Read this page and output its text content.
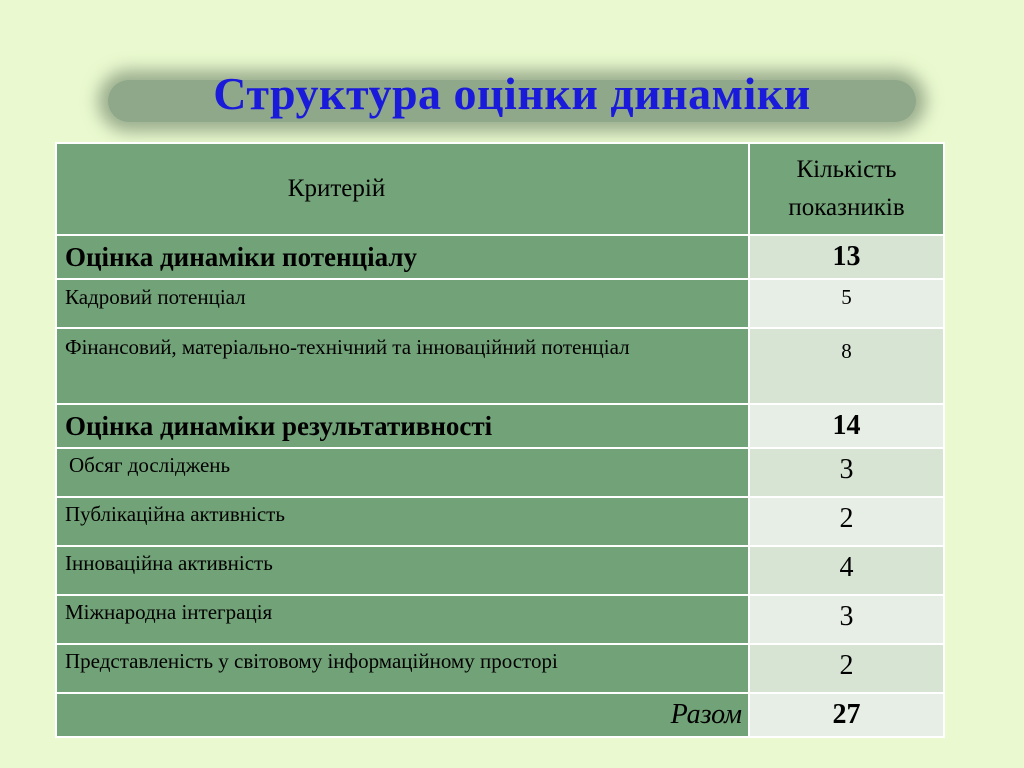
Структура оцінки динаміки
Критерій	Кількість показників
Оцінка динаміки потенціалу	13
Кадровий потенціал	5
Фінансовий, матеріально-технічний та інноваційний потенціал	8
Оцінка динаміки результативності	14
Обсяг досліджень	3
Публікаційна активність	2
Інноваційна активність	4
Міжнародна інтеграція	3
Представленість у світовому інформаційному просторі	2
Разом	27
